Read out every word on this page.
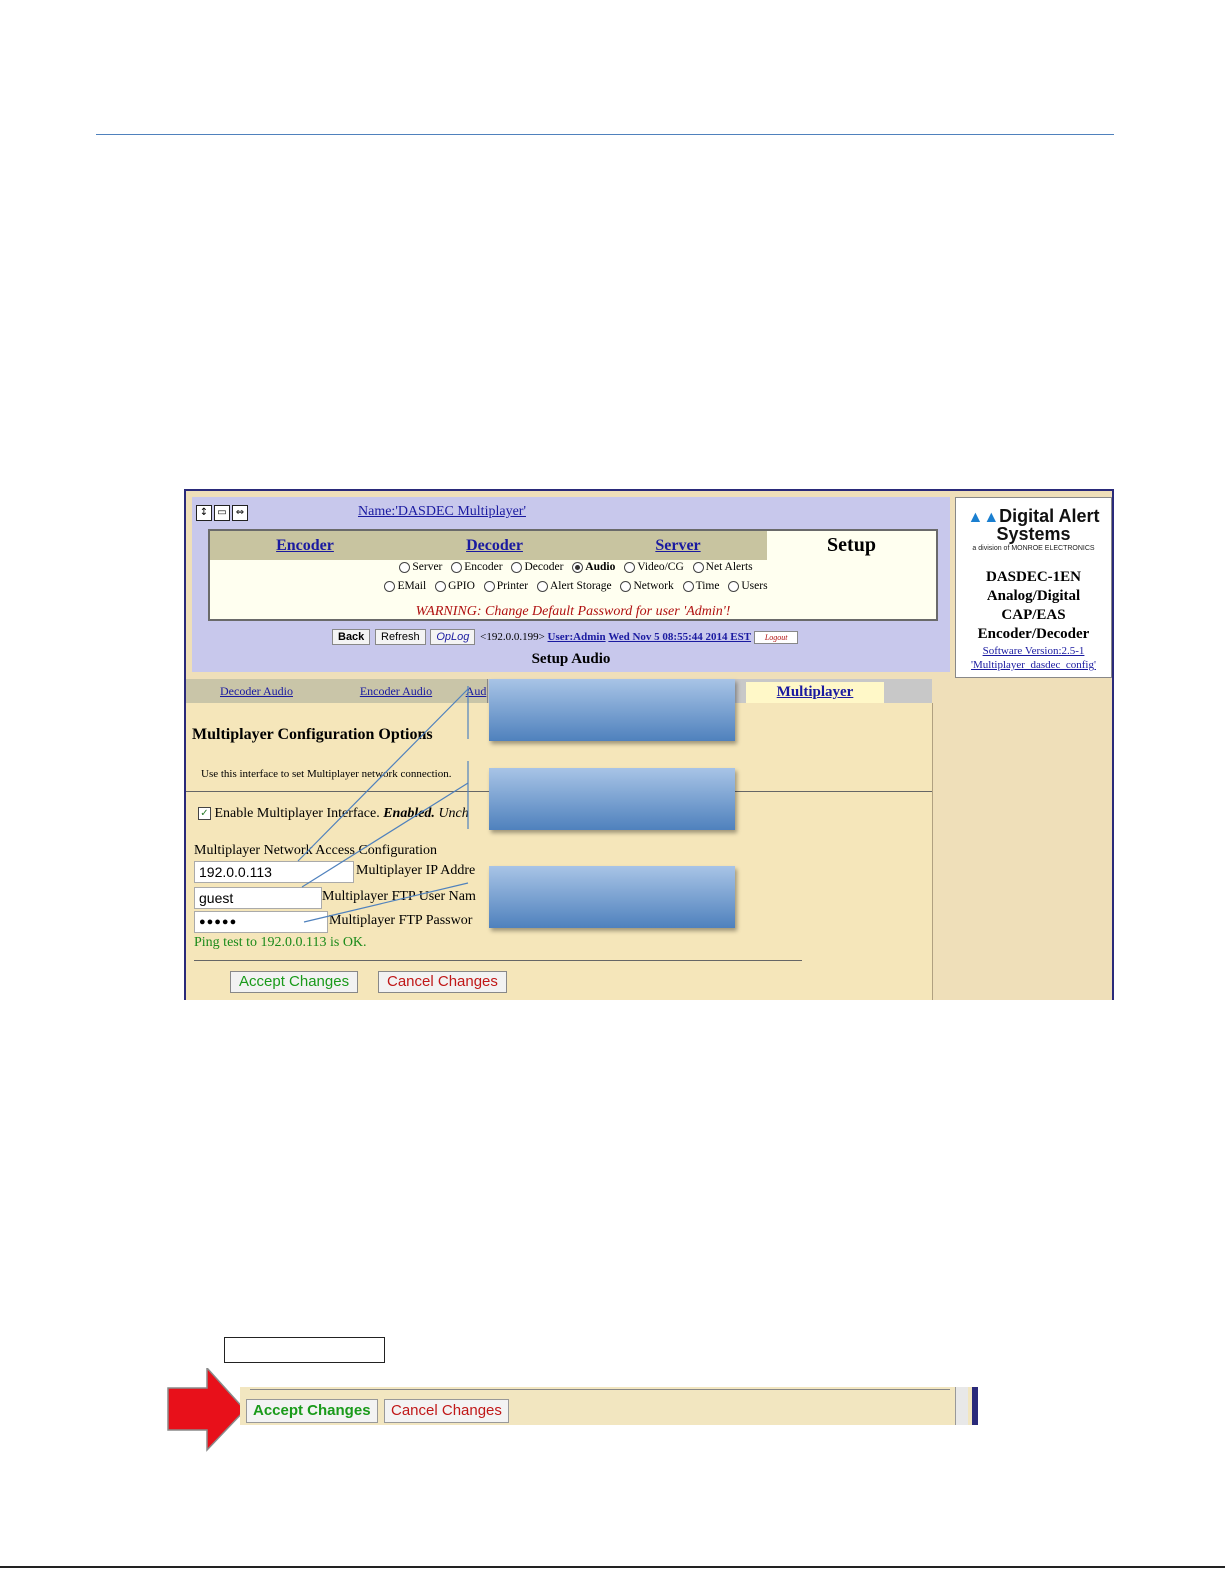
↕ ▭ ⇔	Name:'DASDEC Multiplayer'
Encoder	Decoder	Server	Setup
Server Encoder Decoder Audio Video/CG Net Alerts
EMail GPIO Printer Alert Storage Network Time Users
WARNING: Change Default Password for user 'Admin'!
Back Refresh OpLog <192.0.0.199> User:Admin Wed Nov 5 08:55:44 2014 EST Logout
Setup Audio
▲▲Digital Alert
Systems
a division of MONROE ELECTRONICS
DASDEC-1EN
Analog/Digital
CAP/EAS
Encoder/Decoder
Software Version:2.5-1
'Multiplayer_dasdec_config'
Decoder Audio	Encoder Audio	Aud	Multiplayer
Multiplayer Configuration Options
Use this interface to set Multiplayer network connection.
✓ Enable Multiplayer Interface. Enabled. Unch
Multiplayer Network Access Configuration
192.0.0.113	Multiplayer IP Addre
guest	Multiplayer FTP User Nam
●●●●●	Multiplayer FTP Passwor
Ping test to 192.0.0.113 is OK.
Accept Changes	Cancel Changes
Accept Changes	Cancel Changes
